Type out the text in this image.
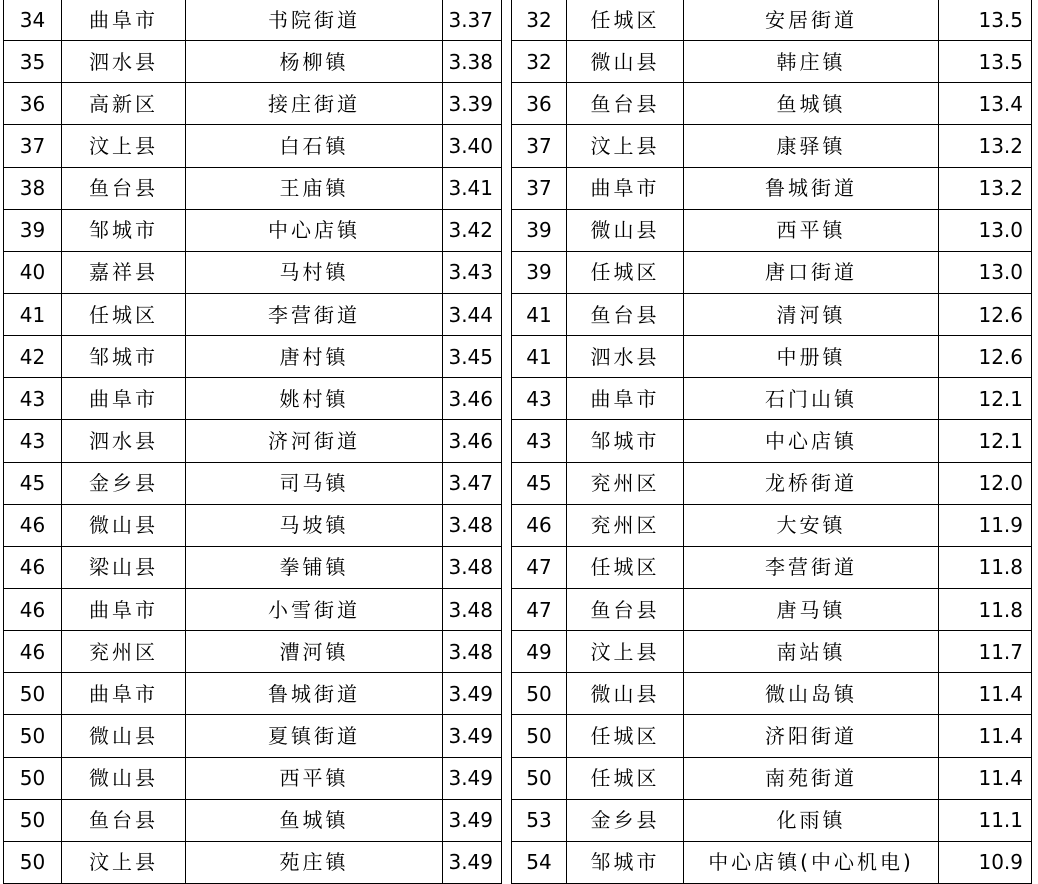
34	曲阜市	书院街道	3.37
35	泗水县	杨柳镇	3.38
36	高新区	接庄街道	3.39
37	汶上县	白石镇	3.40
38	鱼台县	王庙镇	3.41
39	邹城市	中心店镇	3.42
40	嘉祥县	马村镇	3.43
41	任城区	李营街道	3.44
42	邹城市	唐村镇	3.45
43	曲阜市	姚村镇	3.46
43	泗水县	济河街道	3.46
45	金乡县	司马镇	3.47
46	微山县	马坡镇	3.48
46	梁山县	拳铺镇	3.48
46	曲阜市	小雪街道	3.48
46	兖州区	漕河镇	3.48
50	曲阜市	鲁城街道	3.49
50	微山县	夏镇街道	3.49
50	微山县	西平镇	3.49
50	鱼台县	鱼城镇	3.49
50	汶上县	苑庄镇	3.49
32	任城区	安居街道	13.5
32	微山县	韩庄镇	13.5
36	鱼台县	鱼城镇	13.4
37	汶上县	康驿镇	13.2
37	曲阜市	鲁城街道	13.2
39	微山县	西平镇	13.0
39	任城区	唐口街道	13.0
41	鱼台县	清河镇	12.6
41	泗水县	中册镇	12.6
43	曲阜市	石门山镇	12.1
43	邹城市	中心店镇	12.1
45	兖州区	龙桥街道	12.0
46	兖州区	大安镇	11.9
47	任城区	李营街道	11.8
47	鱼台县	唐马镇	11.8
49	汶上县	南站镇	11.7
50	微山县	微山岛镇	11.4
50	任城区	济阳街道	11.4
50	任城区	南苑街道	11.4
53	金乡县	化雨镇	11.1
54	邹城市	中心店镇(中心机电)	10.9
